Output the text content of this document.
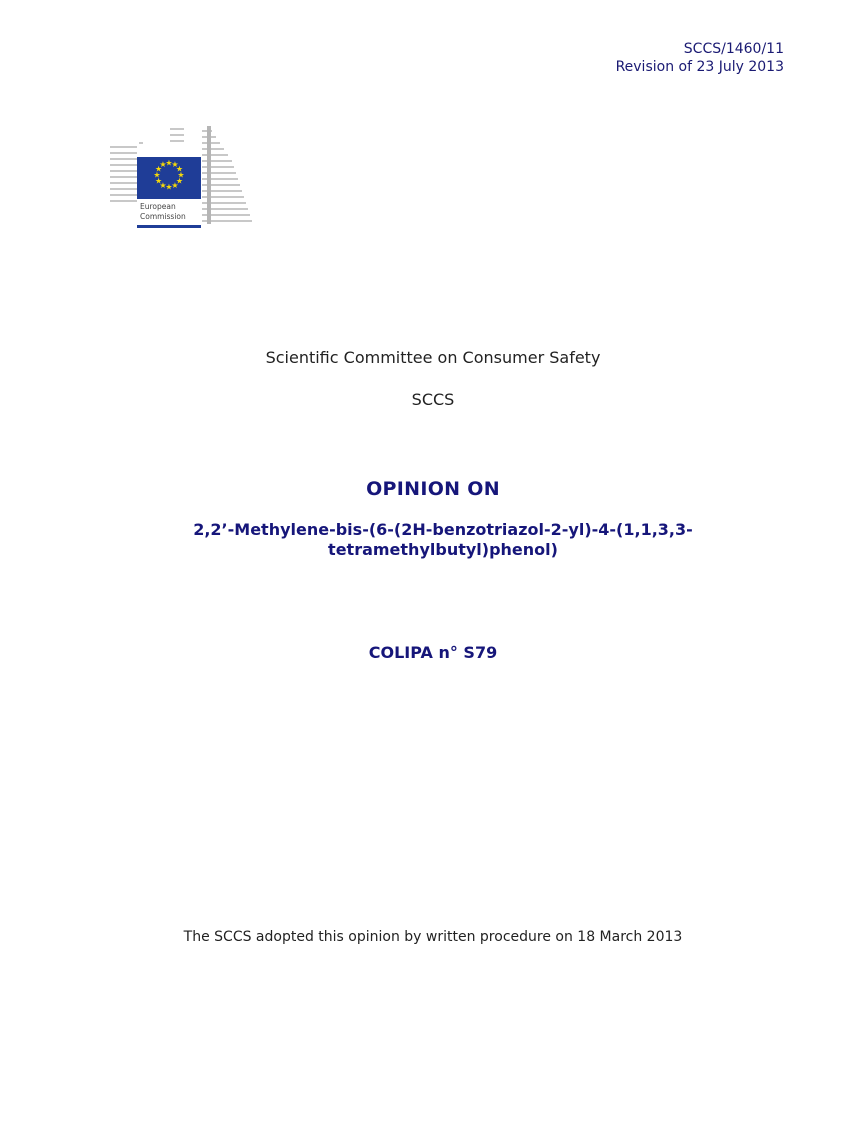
SCCS/1460/11
Revision of 23 July 2013
★
★
★
★
★
★
★
★
★
★
★
★
European
Commission
Scientific Committee on Consumer Safety
SCCS
OPINION ON
2,2’-Methylene-bis-(6-(2H-benzotriazol-2-yl)-4-(1,1,3,3-
tetramethylbutyl)phenol)
COLIPA n° S79
The SCCS adopted this opinion by written procedure on 18 March 2013
